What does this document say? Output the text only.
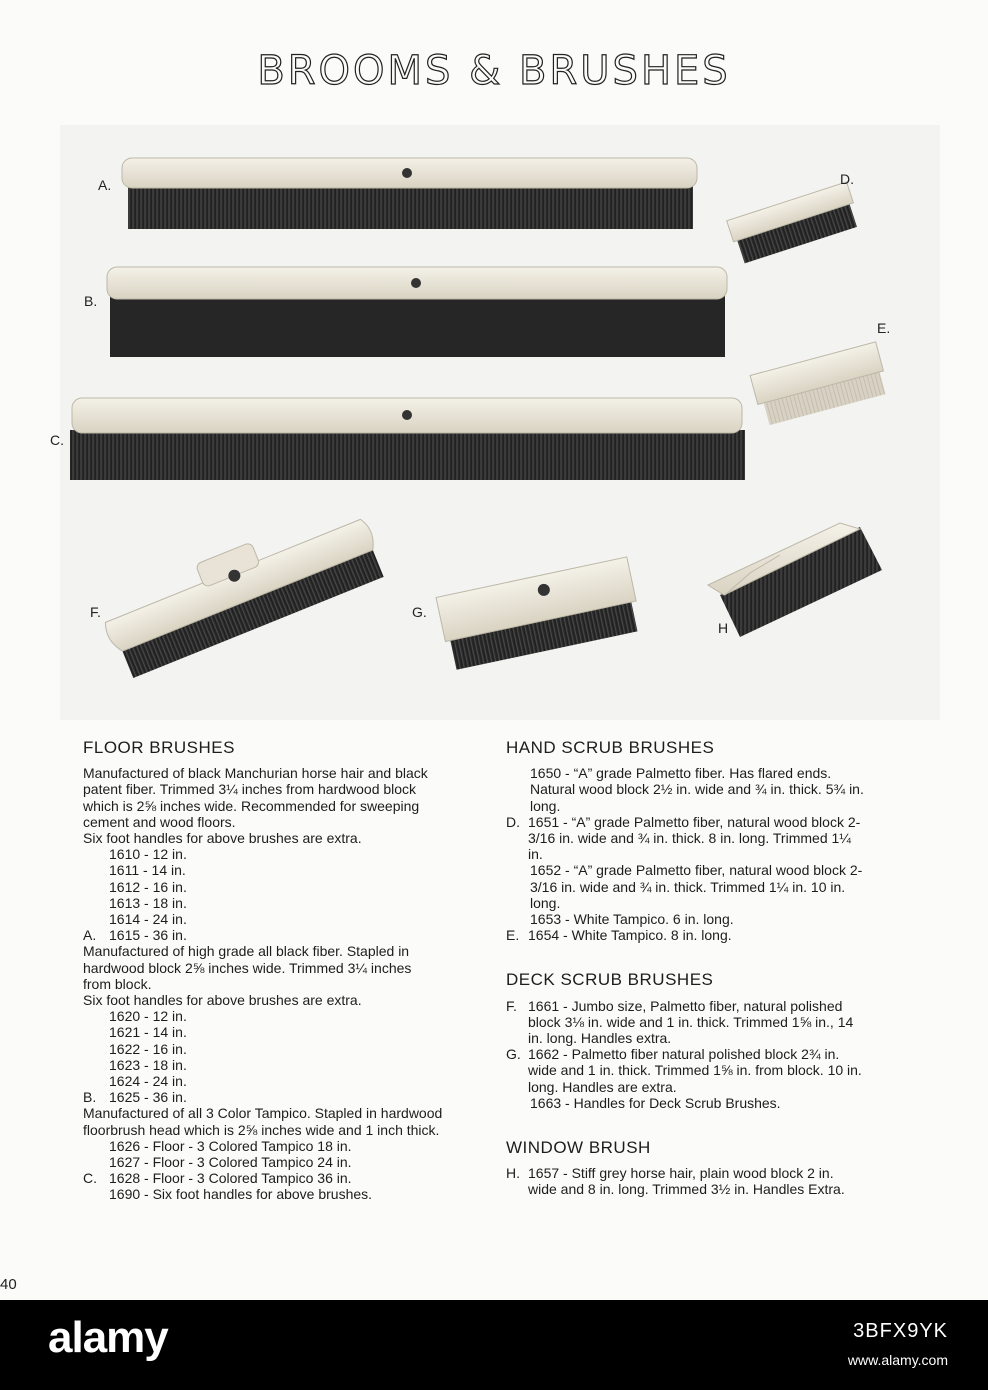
BROOMS & BRUSHES
A.
B.
C.
D.
E.
F.	G.
H
FLOOR BRUSHES

Manufactured of black Manchurian horse hair and black patent fiber. Trimmed 3¼ inches from hardwood block which is 2⅝ inches wide. Recommended for sweeping cement and wood floors.

Six foot handles for above brushes are extra.

1610 - 12 in.

1611 - 14 in.

1612 - 16 in.

1613 - 18 in.

1614 - 24 in.

A. 1615 - 36 in.

Manufactured of high grade all black fiber. Stapled in hardwood block 2⅝ inches wide. Trimmed 3¼ inches from block.

Six foot handles for above brushes are extra.

1620 - 12 in.

1621 - 14 in.

1622 - 16 in.

1623 - 18 in.

1624 - 24 in.

B. 1625 - 36 in.

Manufactured of all 3 Color Tampico. Stapled in hardwood floorbrush head which is 2⅝ inches wide and 1 inch thick.

1626 - Floor - 3 Colored Tampico 18 in.

1627 - Floor - 3 Colored Tampico 24 in.

C. 1628 - Floor - 3 Colored Tampico 36 in.

1690 - Six foot handles for above brushes.

HAND SCRUB BRUSHES

1650 - “A” grade Palmetto fiber. Has flared ends. Natural wood block 2½ in. wide and ¾ in. thick. 5¾ in. long.

D. 1651 - “A” grade Palmetto fiber, natural wood block 2-3/16 in. wide and ¾ in. thick. 8 in. long. Trimmed 1¼ in.

1652 - “A” grade Palmetto fiber, natural wood block 2-3/16 in. wide and ¾ in. thick. Trimmed 1¼ in. 10 in. long.

1653 - White Tampico. 6 in. long.

E. 1654 - White Tampico. 8 in. long.

DECK SCRUB BRUSHES

F. 1661 - Jumbo size, Palmetto fiber, natural polished block 3⅛ in. wide and 1 in. thick. Trimmed 1⅝ in., 14 in. long. Handles extra.

G. 1662 - Palmetto fiber natural polished block 2¾ in. wide and 1 in. thick. Trimmed 1⅝ in. from block. 10 in. long. Handles are extra.

1663 - Handles for Deck Scrub Brushes.

WINDOW BRUSH

H. 1657 - Stiff grey horse hair, plain wood block 2 in. wide and 8 in. long. Trimmed 3½ in. Handles Extra.

40
alamy	3BFX9YK
www.alamy.com
